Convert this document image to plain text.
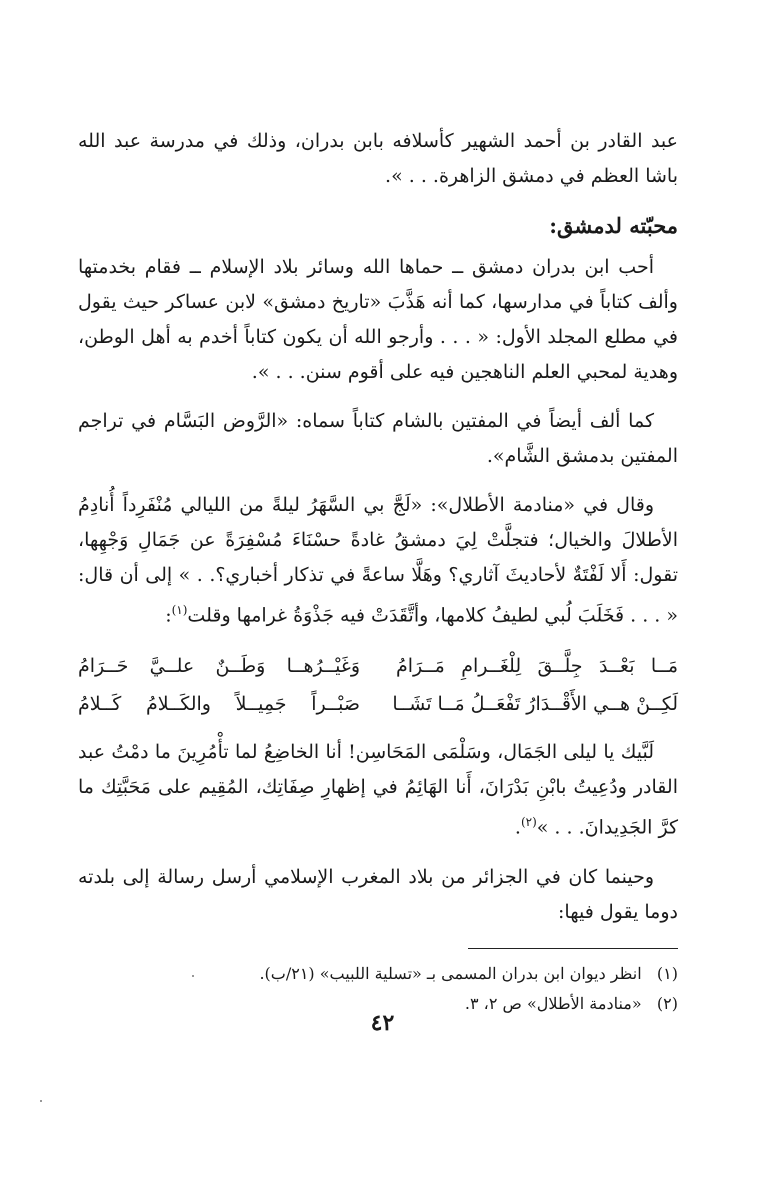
عبد القادر بن أحمد الشهير كأسلافه بابن بدران، وذلك في مدرسة عبد الله باشا العظم في دمشق الزاهرة. . . ».

محبّته لدمشق:

أحب ابن بدران دمشق ــ حماها الله وسائر بلاد الإسلام ــ فقام بخدمتها وألف كتاباً في مدارسها، كما أنه هَذَّبَ «تاريخ دمشق» لابن عساكر حيث يقول في مطلع المجلد الأول: « . . . وأرجو الله أن يكون كتاباً أخدم به أهل الوطن، وهدية لمحبي العلم الناهجين فيه على أقوم سنن. . . ».

كما ألف أيضاً في المفتين بالشام كتاباً سماه: «الرَّوض البَسَّام في تراجم المفتين بدمشق الشَّام».

وقال في «منادمة الأطلال»: «لَجَّ بي السَّهَرُ ليلةً من الليالي مُنْفَرِداً أُنادِمُ الأطلالَ والخيال؛ فتجلَّتْ لِيَ دمشقُ غادةً حسْنَاءَ مُسْفِرَةً عن جَمَالِ وَجْهِها، تقول: أَلا لَفْتَةٌ لأحاديثَ آثاري؟ وهَلَّا ساعةً في تذكار أخباري؟. . » إلى أن قال: « . . . فَخَلَبَ لُبي لطيفُ كلامها، وأتَّقَدَتْ فيه جَذْوَةُ غرامها وقلت$^{(١)}$:

مَــا بَعْــدَ جِلَّــقَ لِلْغَــرامِ مَــرَامُ
وَغَيْــرُهــا وَطَــنٌ علــيَّ حَــرَامُ
لَكِــنْ هــي الأَقْــدَارُ تَفْعَــلُ مَــا تَشَــا
صَبْــراً جَمِيــلاً والكَــلامُ كَــلامُ

لَبَّيك يا ليلى الجَمَال، وسَلْمَى المَحَاسِن! أنا الخاضِعُ لما تأْمُرِينَ ما دمْتُ عبد القادر ودُعِيتُ بابْنِ بَدْرَانَ، أَنا الهَائِمُ في إظهارِ صِفَاتِك، المُقِيم على مَحَبَّتِك ما كرَّ الجَدِيدانَ. . . »$^{(٢)}$.

وحينما كان في الجزائر من بلاد المغرب الإسلامي أرسل رسالة إلى بلدته دوما يقول فيها:

(١)   انظر ديوان ابن بدران المسمى بـ «تسلية اللبيب» (٢١/ب).
(٢)   «منادمة الأطلال» ص ٢، ٣.
٤٢
